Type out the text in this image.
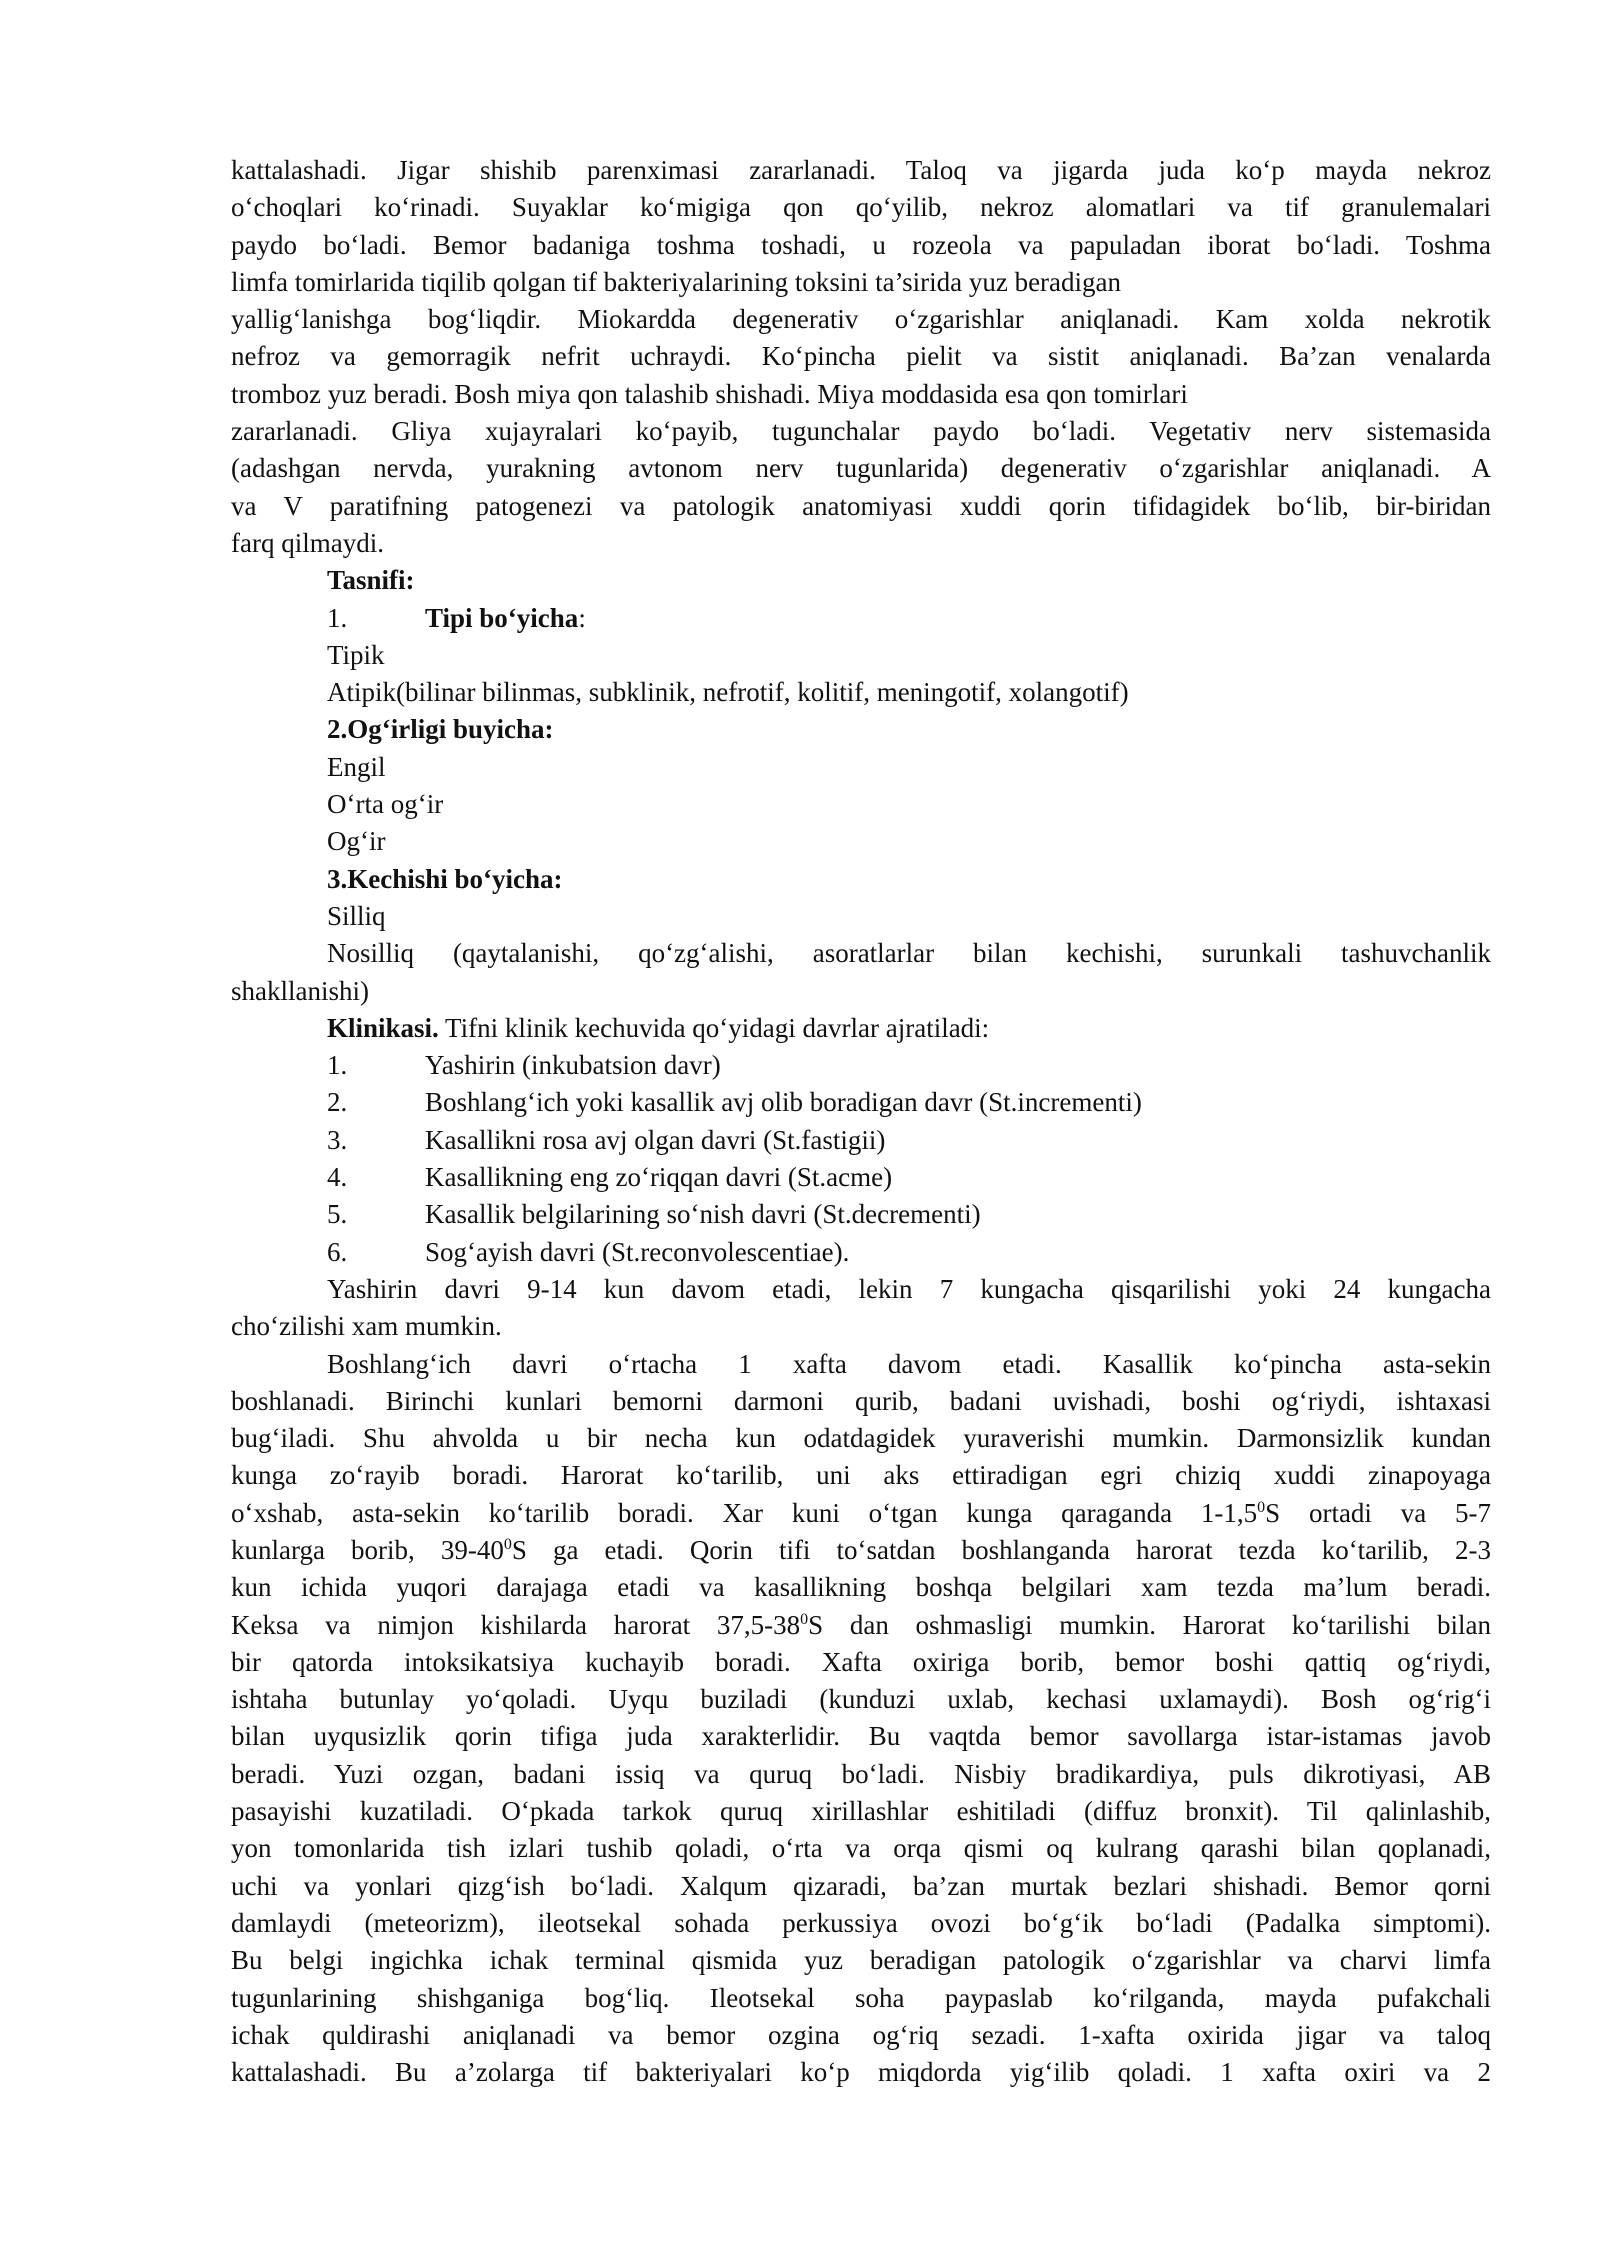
kattalashadi. Jigar shishib parenximasi zararlanadi. Taloq va jigarda juda ko‘p mayda nekroz

o‘choqlari ko‘rinadi. Suyaklar ko‘migiga qon qo‘yilib, nekroz alomatlari va tif granulemalari

paydo bo‘ladi. Bemor badaniga toshma toshadi, u rozeola va papuladan iborat bo‘ladi. Toshma

limfa tomirlarida tiqilib qolgan tif bakteriyalarining toksini ta’sirida yuz beradigan

yallig‘lanishga bog‘liqdir. Miokardda degenerativ o‘zgarishlar aniqlanadi. Kam xolda nekrotik

nefroz va gemorragik nefrit uchraydi. Ko‘pincha pielit va sistit aniqlanadi. Ba’zan venalarda

tromboz yuz beradi. Bosh miya qon talashib shishadi. Miya moddasida esa qon tomirlari

zararlanadi. Gliya xujayralari ko‘payib, tugunchalar paydo bo‘ladi. Vegetativ nerv sistemasida

(adashgan nervda, yurakning avtonom nerv tugunlarida) degenerativ o‘zgarishlar aniqlanadi. A

va V paratifning patogenezi va patologik anatomiyasi xuddi qorin tifidagidek bo‘lib, bir-biridan

farq qilmaydi.

Tasnifi:

1.	Tipi bo‘yicha:

Tipik

Atipik(bilinar bilinmas, subklinik, nefrotif, kolitif, meningotif, xolangotif)

2.Og‘irligi buyicha:

Engil

O‘rta og‘ir

Og‘ir

3.Kechishi bo‘yicha:

Silliq

Nosilliq (qaytalanishi, qo‘zg‘alishi, asoratlarlar bilan kechishi, surunkali tashuvchanlik

shakllanishi)

Klinikasi. Tifni klinik kechuvida qo‘yidagi davrlar ajratiladi:

1.	Yashirin (inkubatsion davr)

2.	Boshlang‘ich yoki kasallik avj olib boradigan davr (St.incrementi)

3.	Kasallikni rosa avj olgan davri (St.fastigii)

4.	Kasallikning eng zo‘riqqan davri (St.acme)

5.	Kasallik belgilarining so‘nish davri (St.decrementi)

6.	Sog‘ayish davri (St.reconvolescentiae).

Yashirin davri 9-14 kun davom etadi, lekin 7 kungacha qisqarilishi yoki 24 kungacha

cho‘zilishi xam mumkin.

Boshlang‘ich davri o‘rtacha 1 xafta davom etadi. Kasallik ko‘pincha asta-sekin

boshlanadi. Birinchi kunlari bemorni darmoni qurib, badani uvishadi, boshi og‘riydi, ishtaxasi

bug‘iladi. Shu ahvolda u bir necha kun odatdagidek yuraverishi mumkin. Darmonsizlik kundan

kunga zo‘rayib boradi. Harorat ko‘tarilib, uni aks ettiradigan egri chiziq xuddi zinapoyaga

o‘xshab, asta-sekin ko‘tarilib boradi. Xar kuni o‘tgan kunga qaraganda $1-1,5^0S$ ortadi va 5-7

kunlarga borib, $39-40^0S$ ga etadi. Qorin tifi to‘satdan boshlanganda harorat tezda ko‘tarilib, 2-3

kun ichida yuqori darajaga etadi va kasallikning boshqa belgilari xam tezda ma’lum beradi.

Keksa va nimjon kishilarda harorat $37,5-38^0S$ dan oshmasligi mumkin. Harorat ko‘tarilishi bilan

bir qatorda intoksikatsiya kuchayib boradi. Xafta oxiriga borib, bemor boshi qattiq og‘riydi,

ishtaha butunlay yo‘qoladi. Uyqu buziladi (kunduzi uxlab, kechasi uxlamaydi). Bosh og‘rig‘i

bilan uyqusizlik qorin tifiga juda xarakterlidir. Bu vaqtda bemor savollarga istar-istamas javob

beradi. Yuzi ozgan, badani issiq va quruq bo‘ladi. Nisbiy bradikardiya, puls dikrotiyasi, AB

pasayishi kuzatiladi. O‘pkada tarkok quruq xirillashlar eshitiladi (diffuz bronxit). Til qalinlashib,

yon tomonlarida tish izlari tushib qoladi, o‘rta va orqa qismi oq kulrang qarashi bilan qoplanadi,

uchi va yonlari qizg‘ish bo‘ladi. Xalqum qizaradi, ba’zan murtak bezlari shishadi. Bemor qorni

damlaydi (meteorizm), ileotsekal sohada perkussiya ovozi bo‘g‘ik bo‘ladi (Padalka simptomi).

Bu belgi ingichka ichak terminal qismida yuz beradigan patologik o‘zgarishlar va charvi limfa

tugunlarining shishganiga bog‘liq. Ileotsekal soha paypaslab ko‘rilganda, mayda pufakchali

ichak quldirashi aniqlanadi va bemor ozgina og‘riq sezadi. 1-xafta oxirida jigar va taloq

kattalashadi. Bu a’zolarga tif bakteriyalari ko‘p miqdorda yig‘ilib qoladi. 1 xafta oxiri va 2
